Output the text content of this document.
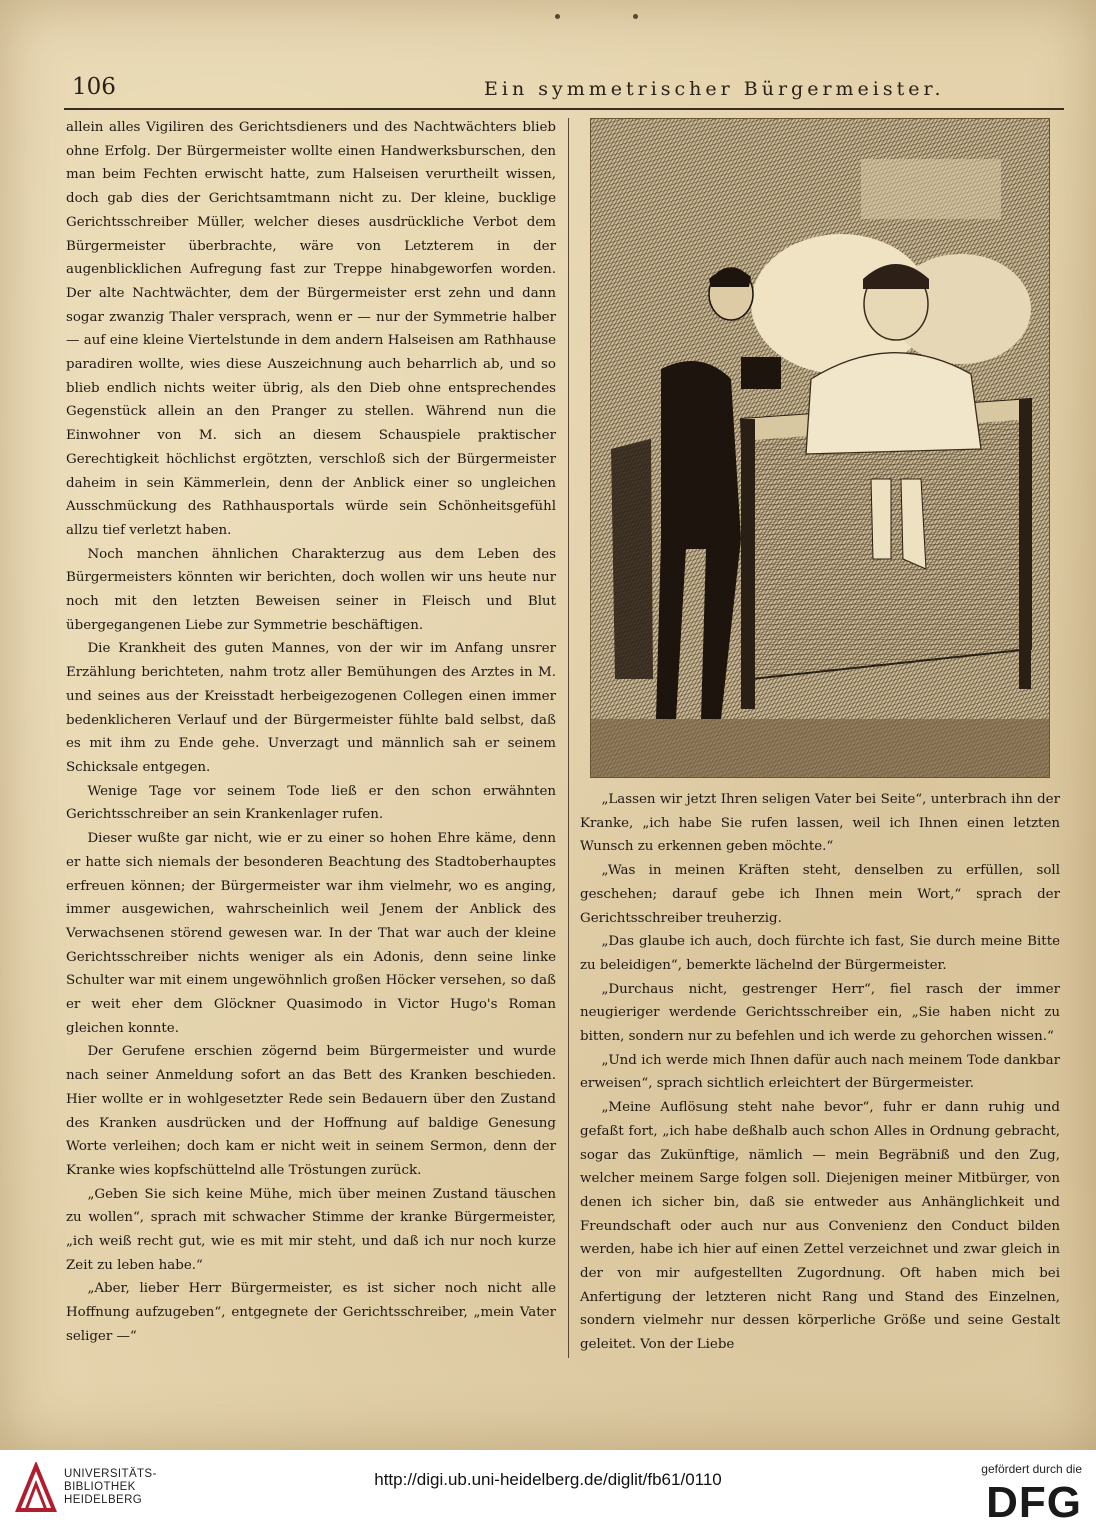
106	Ein symmetrischer Bürgermeister.

allein alles Vigiliren des Gerichtsdieners und des Nachtwächters blieb ohne Erfolg. Der Bürgermeister wollte einen Handwerksburschen, den man beim Fechten erwischt hatte, zum Halseisen verurtheilt wissen, doch gab dies der Gerichtsamtmann nicht zu. Der kleine, bucklige Gerichtsschreiber Müller, welcher dieses ausdrückliche Verbot dem Bürgermeister überbrachte, wäre von Letzterem in der augenblicklichen Aufregung fast zur Treppe hinabgeworfen worden. Der alte Nachtwächter, dem der Bürgermeister erst zehn und dann sogar zwanzig Thaler versprach, wenn er — nur der Symmetrie halber — auf eine kleine Viertelstunde in dem andern Halseisen am Rathhause paradiren wollte, wies diese Auszeichnung auch beharrlich ab, und so blieb endlich nichts weiter übrig, als den Dieb ohne entsprechendes Gegenstück allein an den Pranger zu stellen. Während nun die Einwohner von M. sich an diesem Schauspiele praktischer Gerechtigkeit höchlichst ergötzten, verschloß sich der Bürgermeister daheim in sein Kämmerlein, denn der Anblick einer so ungleichen Ausschmückung des Rathhausportals würde sein Schönheitsgefühl allzu tief verletzt haben.

Noch manchen ähnlichen Charakterzug aus dem Leben des Bürgermeisters könnten wir berichten, doch wollen wir uns heute nur noch mit den letzten Beweisen seiner in Fleisch und Blut übergegangenen Liebe zur Symmetrie beschäftigen.

Die Krankheit des guten Mannes, von der wir im Anfang unsrer Erzählung berichteten, nahm trotz aller Bemühungen des Arztes in M. und seines aus der Kreisstadt herbeigezogenen Collegen einen immer bedenklicheren Verlauf und der Bürgermeister fühlte bald selbst, daß es mit ihm zu Ende gehe. Unverzagt und männlich sah er seinem Schicksale entgegen.

Wenige Tage vor seinem Tode ließ er den schon erwähnten Gerichtsschreiber an sein Krankenlager rufen.

Dieser wußte gar nicht, wie er zu einer so hohen Ehre käme, denn er hatte sich niemals der besonderen Beachtung des Stadtoberhauptes erfreuen können; der Bürgermeister war ihm vielmehr, wo es anging, immer ausgewichen, wahrscheinlich weil Jenem der Anblick des Verwachsenen störend gewesen war. In der That war auch der kleine Gerichtsschreiber nichts weniger als ein Adonis, denn seine linke Schulter war mit einem ungewöhnlich großen Höcker versehen, so daß er weit eher dem Glöckner Quasimodo in Victor Hugo's Roman gleichen konnte.

Der Gerufene erschien zögernd beim Bürgermeister und wurde nach seiner Anmeldung sofort an das Bett des Kranken beschieden. Hier wollte er in wohlgesetzter Rede sein Bedauern über den Zustand des Kranken ausdrücken und der Hoffnung auf baldige Genesung Worte verleihen; doch kam er nicht weit in seinem Sermon, denn der Kranke wies kopfschüttelnd alle Tröstungen zurück.

„Geben Sie sich keine Mühe, mich über meinen Zustand täuschen zu wollen“, sprach mit schwacher Stimme der kranke Bürgermeister, „ich weiß recht gut, wie es mit mir steht, und daß ich nur noch kurze Zeit zu leben habe.“

„Aber, lieber Herr Bürgermeister, es ist sicher noch nicht alle Hoffnung aufzugeben“, entgegnete der Gerichtsschreiber, „mein Vater seliger —“

„Lassen wir jetzt Ihren seligen Vater bei Seite“, unterbrach ihn der Kranke, „ich habe Sie rufen lassen, weil ich Ihnen einen letzten Wunsch zu erkennen geben möchte.“

„Was in meinen Kräften steht, denselben zu erfüllen, soll geschehen; darauf gebe ich Ihnen mein Wort,“ sprach der Gerichtsschreiber treuherzig.

„Das glaube ich auch, doch fürchte ich fast, Sie durch meine Bitte zu beleidigen“, bemerkte lächelnd der Bürgermeister.

„Durchaus nicht, gestrenger Herr“, fiel rasch der immer neugieriger werdende Gerichtsschreiber ein, „Sie haben nicht zu bitten, sondern nur zu befehlen und ich werde zu gehorchen wissen.“

„Und ich werde mich Ihnen dafür auch nach meinem Tode dankbar erweisen“, sprach sichtlich erleichtert der Bürgermeister.

„Meine Auflösung steht nahe bevor“, fuhr er dann ruhig und gefaßt fort, „ich habe deßhalb auch schon Alles in Ordnung gebracht, sogar das Zukünftige, nämlich — mein Begräbniß und den Zug, welcher meinem Sarge folgen soll. Diejenigen meiner Mitbürger, von denen ich sicher bin, daß sie entweder aus Anhänglichkeit und Freundschaft oder auch nur aus Convenienz den Conduct bilden werden, habe ich hier auf einen Zettel verzeichnet und zwar gleich in der von mir aufgestellten Zugordnung. Oft haben mich bei Anfertigung der letzteren nicht Rang und Stand des Einzelnen, sondern vielmehr nur dessen körperliche Größe und seine Gestalt geleitet. Von der Liebe

UNIVERSITÄTS-
BIBLIOTHEK
HEIDELBERG
http://digi.ub.uni-heidelberg.de/diglit/fb61/0110
gefördert durch die
DFG
